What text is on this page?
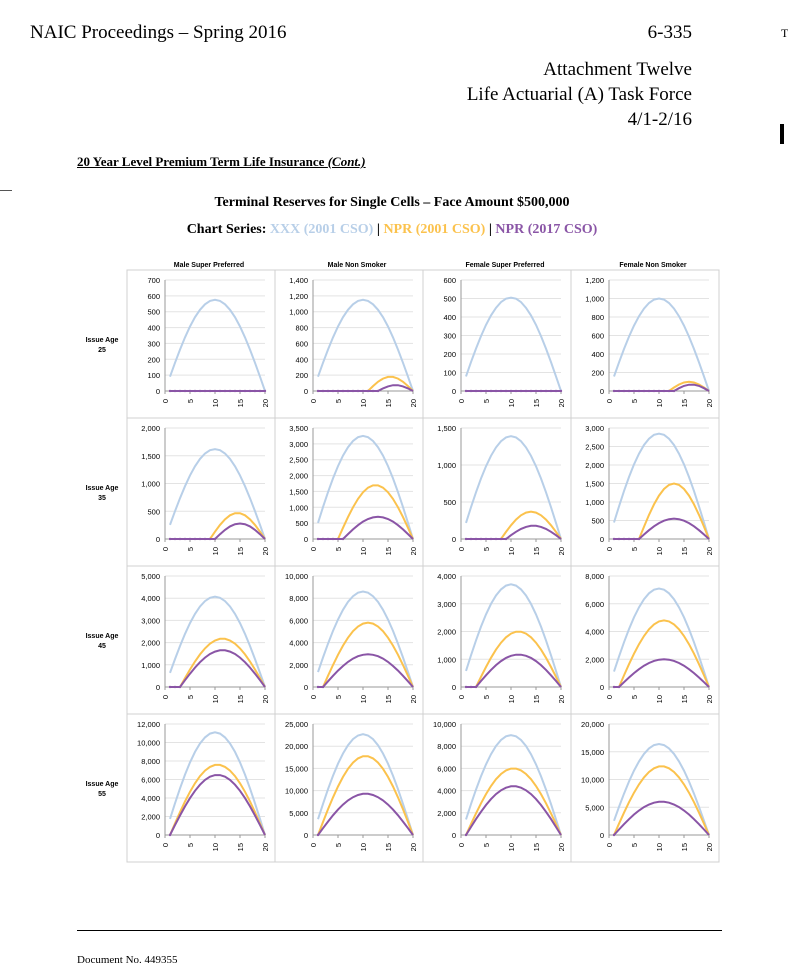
NAIC Proceedings – Spring 2016	6-335
Attachment Twelve
Life Actuarial (A) Task Force
4/1-2/16
T
20 Year Level Premium Term Life Insurance (Cont.)
Terminal Reserves for Single Cells – Face Amount $500,000
Chart Series: XXX (2001 CSO) | NPR (2001 CSO) | NPR (2017 CSO)
Male Super Preferred	Male Non Smoker	Female Super Preferred	Female Non Smoker
Issue Age
25
Issue Age
35
Issue Age
45
Issue Age
55
0
100
200
300
400
500
600
700
0 5 10 15 20
0
200
400
600
800
1,000
1,200
1,400
0 5 10 15 20
0
100
200
300
400
500
600
0 5 10 15 20
0
200
400
600
800
1,000
1,200
0 5 10 15 20
0
500
1,000
1,500
2,000
0 5 10 15 20
0
500
1,000
1,500
2,000
2,500
3,000
3,500
0 5 10 15 20
0
500
1,000
1,500
0 5 10 15 20
0
500
1,000
1,500
2,000
2,500
3,000
0 5 10 15 20
0
1,000
2,000
3,000
4,000
5,000
0 5 10 15 20
0
2,000
4,000
6,000
8,000
10,000
0 5 10 15 20
0
1,000
2,000
3,000
4,000
0 5 10 15 20
0
2,000
4,000
6,000
8,000
0 5 10 15 20
0
2,000
4,000
6,000
8,000
10,000
12,000
0 5 10 15 20
0
5,000
10,000
15,000
20,000
25,000
0 5 10 15 20
0
2,000
4,000
6,000
8,000
10,000
0 5 10 15 20
0
5,000
10,000
15,000
20,000
0 5 10 15 20
Document No. 449355
